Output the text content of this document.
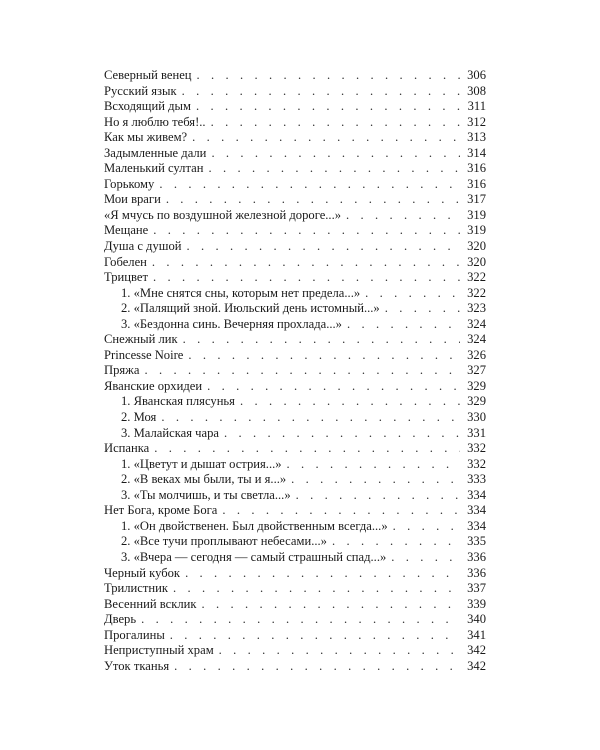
Северный венец . . .	306
Русский язык . . .	308
Всходящий дым . . .	311
Но я люблю тебя!.. . . .	312
Как мы живем? . . .	313
Задымленные дали . . .	314
Маленький султан . . .	316
Горькому . . .	316
Мои враги . . .	317
«Я мчусь по воздушной железной дороге...» . . .	319
Мещане . . .	319
Душа с душой . . .	320
Гобелен . . .	320
Трицвет . . .	322
1. «Мне снятся сны, которым нет предела...» . . .	322
2. «Палящий зной. Июльский день истомный...» . . .	323
3. «Бездонна синь. Вечерняя прохлада...» . . .	324
Снежный лик . . .	324
Princesse Noire . . .	326
Пряжа . . .	327
Яванские орхидеи . . .	329
1. Яванская плясунья . . .	329
2. Моя . . .	330
3. Малайская чара . . .	331
Испанка . . .	332
1. «Цветут и дышат острия...» . . .	332
2. «В веках мы были, ты и я...» . . .	333
3. «Ты молчишь, и ты светла...» . . .	334
Нет Бога, кроме Бога . . .	334
1. «Он двойственен. Был двойственным всегда...» . . .	334
2. «Все тучи проплывают небесами...» . . .	335
3. «Вчера — сегодня — самый страшный спад...» . . .	336
Черный кубок . . .	336
Трилистник . . .	337
Весенний всклик . . .	339
Дверь . . .	340
Прогалины . . .	341
Неприступный храм . . .	342
Уток тканья . . .	342
